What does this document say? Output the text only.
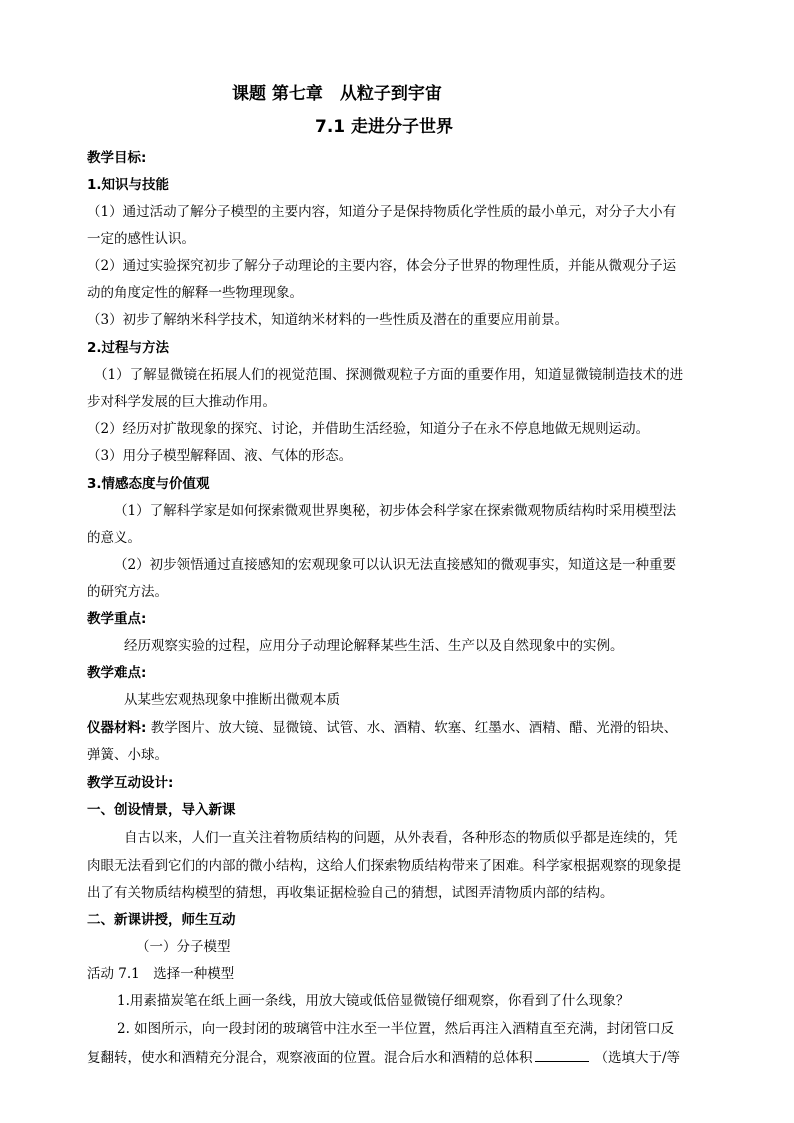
课题 第七章　从粒子到宇宙
7.1 走进分子世界
教学目标:
1.知识与技能
（1）通过活动了解分子模型的主要内容，知道分子是保持物质化学性质的最小单元，对分子大小有
一定的感性认识。
（2）通过实验探究初步了解分子动理论的主要内容，体会分子世界的物理性质，并能从微观分子运
动的角度定性的解释一些物理现象。
（3）初步了解纳米科学技术，知道纳米材料的一些性质及潜在的重要应用前景。
2.过程与方法
（1）了解显微镜在拓展人们的视觉范围、探测微观粒子方面的重要作用，知道显微镜制造技术的进
步对科学发展的巨大推动作用。
（2）经历对扩散现象的探究、讨论，并借助生活经验，知道分子在永不停息地做无规则运动。
（3）用分子模型解释固、液、气体的形态。
3.情感态度与价值观
（1）了解科学家是如何探索微观世界奥秘，初步体会科学家在探索微观物质结构时采用模型法
的意义。
（2）初步领悟通过直接感知的宏观现象可以认识无法直接感知的微观事实，知道这是一种重要
的研究方法。
教学重点:
经历观察实验的过程，应用分子动理论解释某些生活、生产以及自然现象中的实例。
教学难点:
从某些宏观热现象中推断出微观本质
仪器材料: 教学图片、放大镜、显微镜、试管、水、酒精、软塞、红墨水、酒精、醋、光滑的铅块、
弹簧、小球。
教学互动设计:
一、创设情景，导入新课
自古以来，人们一直关注着物质结构的问题，从外表看，各种形态的物质似乎都是连续的，凭
肉眼无法看到它们的内部的微小结构，这给人们探索物质结构带来了困难。科学家根据观察的现象提
出了有关物质结构模型的猜想，再收集证据检验自己的猜想，试图弄清物质内部的结构。
二、新课讲授，师生互动
（一）分子模型
活动 7.1　选择一种模型
1.用素描炭笔在纸上画一条线，用放大镜或低倍显微镜仔细观察，你看到了什么现象？
2. 如图所示，向一段封闭的玻璃管中注水至一半位置，然后再注入酒精直至充满，封闭管口反
复翻转，使水和酒精充分混合，观察液面的位置。混合后水和酒精的总体积	（选填大于/等
